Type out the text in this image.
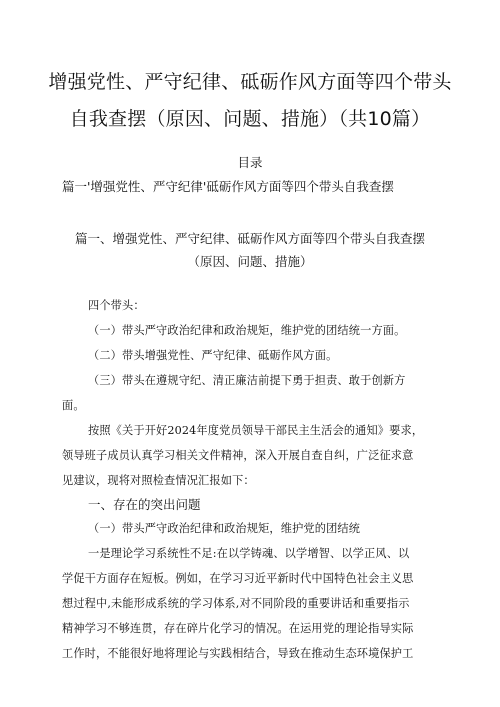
增强党性、严守纪律、砥砺作风方面等四个带头
自我查摆（原因、问题、措施）（共10篇）
目录
篇一'增强党性、严守纪律'砥砺作风方面等四个带头自我查摆
篇一、增强党性、严守纪律、砥砺作风方面等四个带头自我查摆
（原因、问题、措施）
四个带头：
（一）带头严守政治纪律和政治规矩，维护党的团结统一方面。
（二）带头增强党性、严守纪律、砥砺作风方面。
（三）带头在遵规守纪、清正廉洁前提下勇于担责、敢于创新方
面。
按照《关于开好2024年度党员领导干部民主生活会的通知》要求，
领导班子成员认真学习相关文件精神，深入开展自查自纠，广泛征求意
见建议，现将对照检查情况汇报如下：
一、存在的突出问题
（一）带头严守政治纪律和政治规矩，维护党的团结统
一是理论学习系统性不足:在以学铸魂、以学增智、以学正风、以
学促干方面存在短板。例如，在学习习近平新时代中国特色社会主义思
想过程中,未能形成系统的学习体系,对不同阶段的重要讲话和重要指示
精神学习不够连贯，存在碎片化学习的情况。在运用党的理论指导实际
工作时，不能很好地将理论与实践相结合，导致在推动生态环境保护工
